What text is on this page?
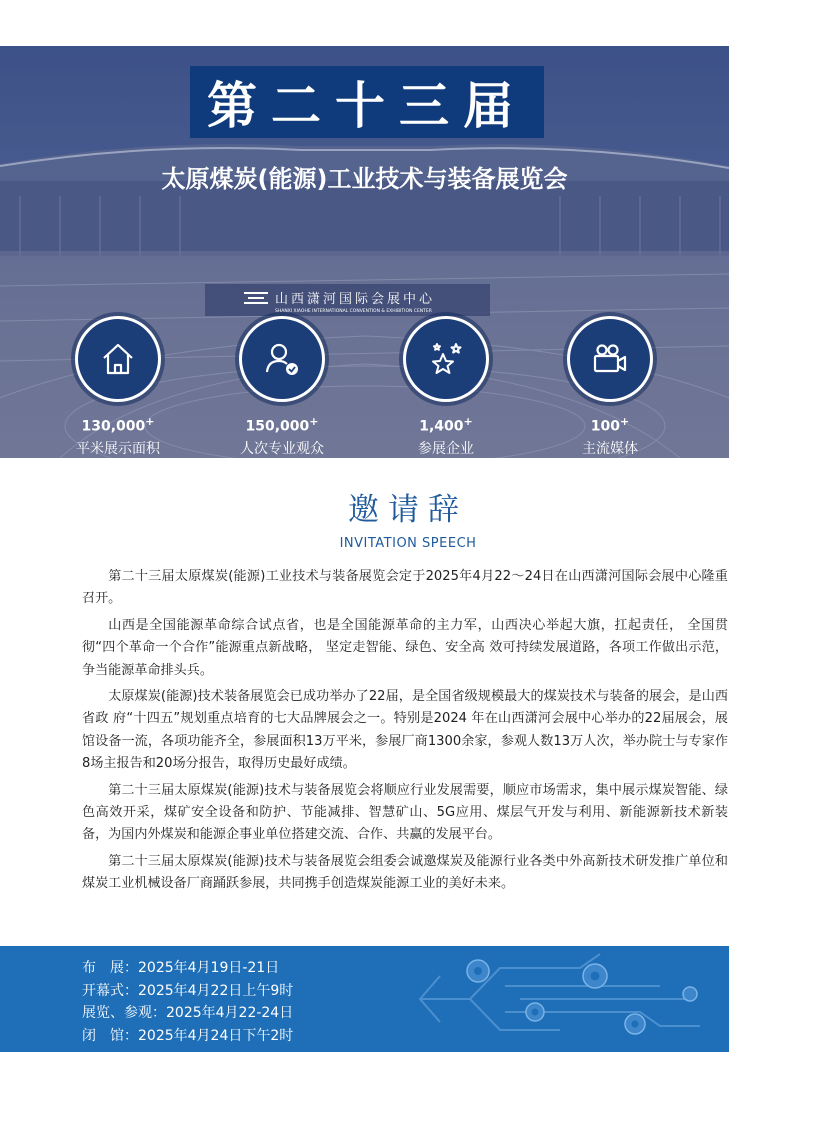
山西潇河国际会展中心
SHANXI XIAOHE INTERNATIONAL CONVENTION & EXHIBITION CENTER
第二十三届
太原煤炭(能源)工业技术与装备展览会
130,000+
平米展示面积
150,000+
人次专业观众
1,400+
参展企业
100+
主流媒体
邀请辞
INVITATION SPEECH

第二十三届太原煤炭(能源)工业技术与装备展览会定于2025年4月22～24日在山西潇河国际会展中心隆重召开。

山西是全国能源革命综合试点省，也是全国能源革命的主力军，山西决心举起大旗，扛起责任， 全国贯彻“四个革命一个合作”能源重点新战略， 坚定走智能、绿色、安全高 效可持续发展道路，各项工作做出示范，争当能源革命排头兵。

太原煤炭(能源)技术装备展览会已成功举办了22届，是全国省级规模最大的煤炭技术与装备的展会，是山西省政 府“十四五”规划重点培育的七大品牌展会之一。特别是2024 年在山西潇河会展中心举办的22届展会，展馆设备一流，各项功能齐全，参展面积13万平米，参展厂商1300余家，参观人数13万人次，举办院士与专家作8场主报告和20场分报告，取得历史最好成绩。

第二十三届太原煤炭(能源)技术与装备展览会将顺应行业发展需要，顺应市场需求，集中展示煤炭智能、绿色高效开采，煤矿安全设备和防护、节能减排、智慧矿山、5G应用、煤层气开发与利用、新能源新技术新装备，为国内外煤炭和能源企事业单位搭建交流、合作、共赢的发展平台。

第二十三届太原煤炭(能源)技术与装备展览会组委会诚邀煤炭及能源行业各类中外高新技术研发推广单位和煤炭工业机械设备厂商踊跃参展，共同携手创造煤炭能源工业的美好未来。

布　展：2025年4月19日-21日
开幕式：2025年4月22日上午9时
展览、参观：2025年4月22-24日
闭　馆：2025年4月24日下午2时
